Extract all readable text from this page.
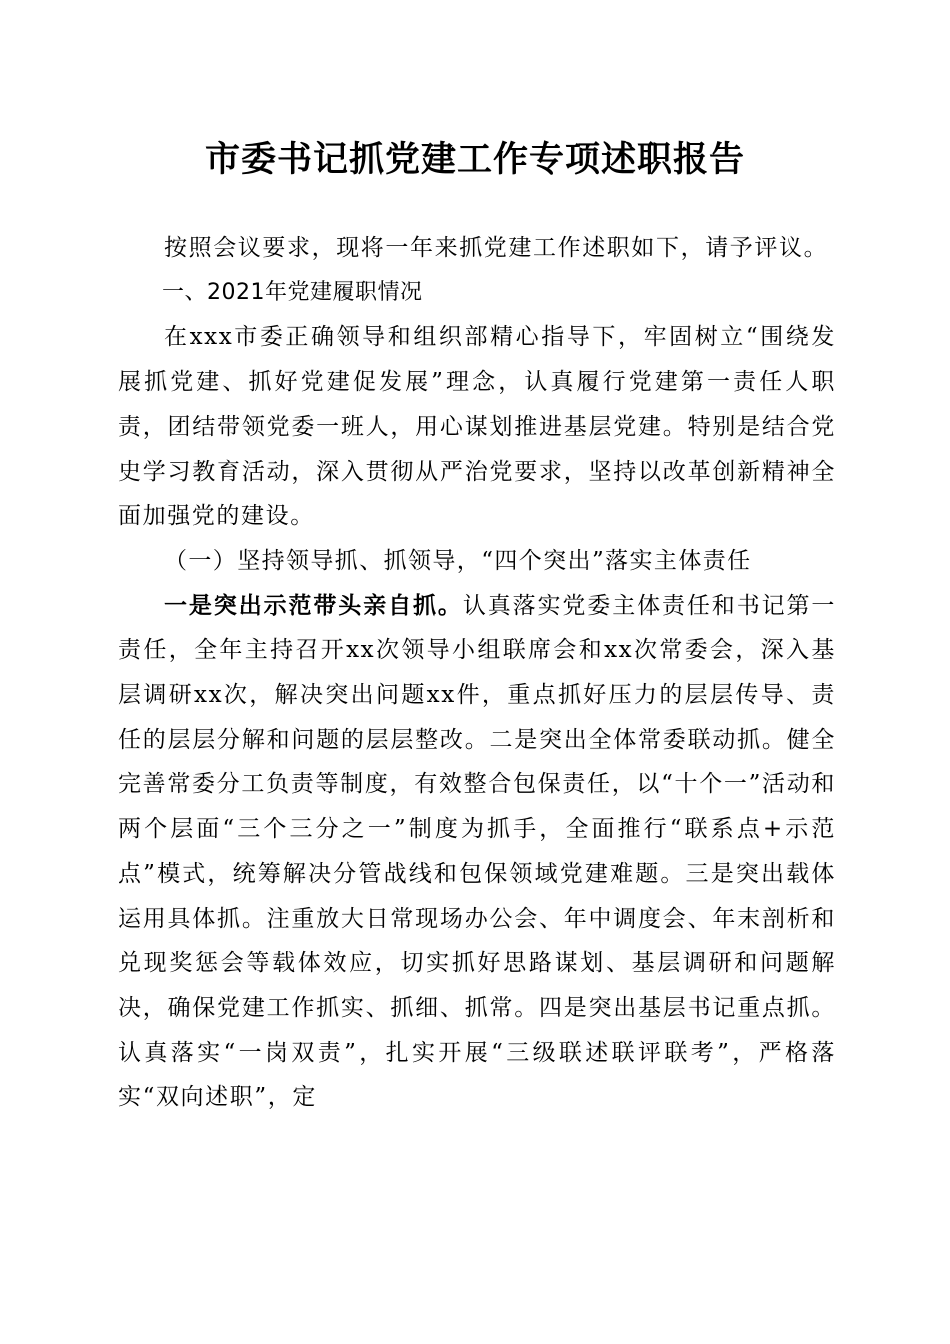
市委书记抓党建工作专项述职报告

按照会议要求，现将一年来抓党建工作述职如下，请予评议。

一、2021年党建履职情况

在xxx市委正确领导和组织部精心指导下，牢固树立“围绕发展抓党建、抓好党建促发展”理念，认真履行党建第一责任人职责，团结带领党委一班人，用心谋划推进基层党建。特别是结合党史学习教育活动，深入贯彻从严治党要求，坚持以改革创新精神全面加强党的建设。

（一）坚持领导抓、抓领导，“四个突出”落实主体责任

一是突出示范带头亲自抓。认真落实党委主体责任和书记第一责任，全年主持召开xx次领导小组联席会和xx次常委会，深入基层调研xx次，解决突出问题xx件，重点抓好压力的层层传导、责任的层层分解和问题的层层整改。二是突出全体常委联动抓。健全完善常委分工负责等制度，有效整合包保责任，以“十个一”活动和两个层面“三个三分之一”制度为抓手，全面推行“联系点+示范点”模式，统筹解决分管战线和包保领域党建难题。三是突出载体运用具体抓。注重放大日常现场办公会、年中调度会、年末剖析和兑现奖惩会等载体效应，切实抓好思路谋划、基层调研和问题解决，确保党建工作抓实、抓细、抓常。四是突出基层书记重点抓。认真落实“一岗双责”，扎实开展“三级联述联评联考”，严格落实“双向述职”，定
